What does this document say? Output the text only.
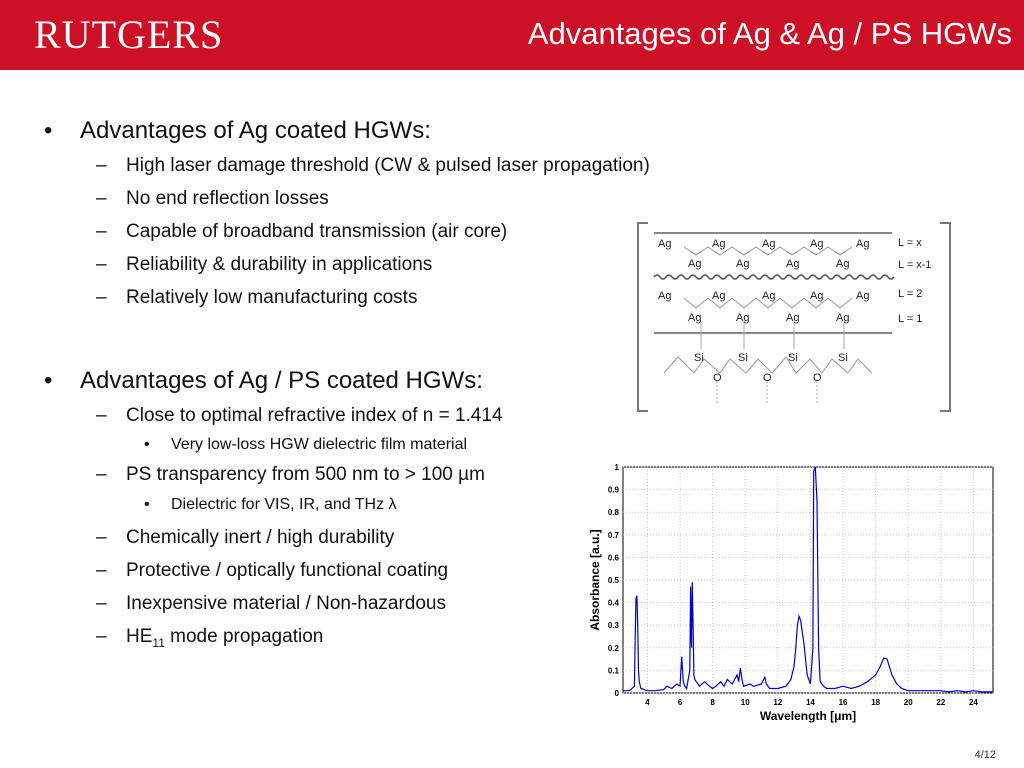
RUTGERS	Advantages of Ag & Ag / PS HGWs
• Advantages of Ag coated HGWs:
– High laser damage threshold (CW & pulsed laser propagation)
– No end reflection losses
– Capable of broadband transmission (air core)
– Reliability & durability in applications
– Relatively low manufacturing costs
• Advantages of Ag / PS coated HGWs:
– Close to optimal refractive index of n = 1.414
• Very low-loss HGW dielectric film material
– PS transparency from 500 nm to > 100 µm
• Dielectric for VIS, IR, and THz λ
– Chemically inert / high durability
– Protective / optically functional coating
– Inexpensive material / Non-hazardous
– $HE_{11}$ mode propagation
Ag	Ag	Ag	Ag	Ag
Ag	Ag	Ag	Ag
Ag	Ag	Ag	Ag	Ag
Ag	Ag	Ag	Ag
Si	Si	Si	Si
O	O	O
L = x
L = x-1
L = 2
L = 1
0
0.1
0.2
0.3
0.4
0.5
0.6
0.7
0.8
0.9
1
4	6	8	10	12	14	16	18	20	22	24
Wavelength [μm]
Absorbance [a.u.]
4/12
